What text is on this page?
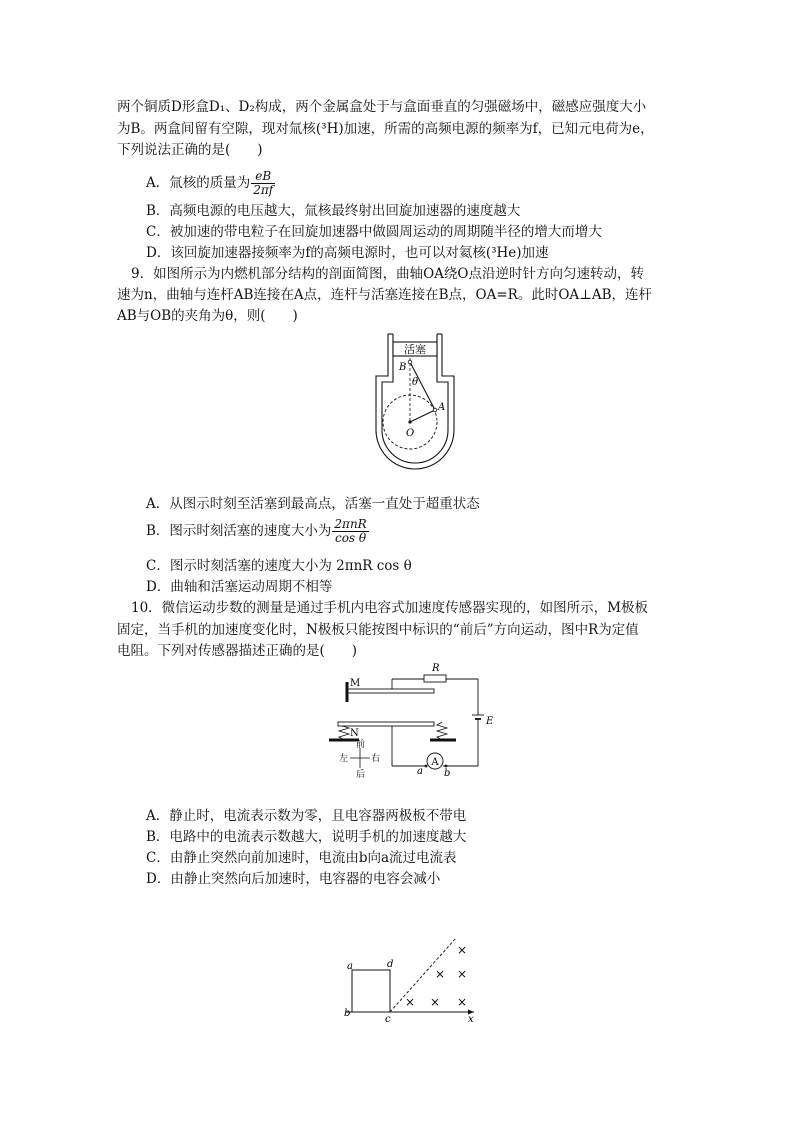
两个铜质D形盒D₁、D₂构成，两个金属盒处于与盒面垂直的匀强磁场中，磁感应强度大小
为B。两盒间留有空隙，现对氚核(³H)加速，所需的高频电源的频率为f，已知元电荷为e，
下列说法正确的是(　　)
A．氚核的质量为 $\frac{eB}{2\pi f}$
B．高频电源的电压越大，氚核最终射出回旋加速器的速度越大
C．被加速的带电粒子在回旋加速器中做圆周运动的周期随半径的增大而增大
D．该回旋加速器接频率为f的高频电源时，也可以对氦核(³He)加速
9．如图所示为内燃机部分结构的剖面简图，曲轴OA绕O点沿逆时针方向匀速转动，转
速为n，曲轴与连杆AB连接在A点，连杆与活塞连接在B点，OA=R。此时OA⊥AB，连杆
AB与OB的夹角为θ，则(　　)
活塞
B
θ
A
O
A．从图示时刻至活塞到最高点，活塞一直处于超重状态
B．图示时刻活塞的速度大小为 $\frac{\text{2πnR}}{\text{cos θ}}$
C．图示时刻活塞的速度大小为 2πnR cos θ
D．曲轴和活塞运动周期不相等
10．微信运动步数的测量是通过手机内电容式加速度传感器实现的，如图所示，M极板
固定，当手机的加速度变化时，N极板只能按图中标识的“前后”方向运动，图中R为定值
电阻。下列对传感器描述正确的是(　　)
M
R
E
N
A
a b
前
后
左	右
A．静止时，电流表示数为零，且电容器两极板不带电
B．电路中的电流表示数越大，说明手机的加速度越大
C．由静止突然向前加速时，电流由b向a流过电流表
D．由静止突然向后加速时，电容器的电容会减小
a
b
c
d
x
×
× ×
× × ×
